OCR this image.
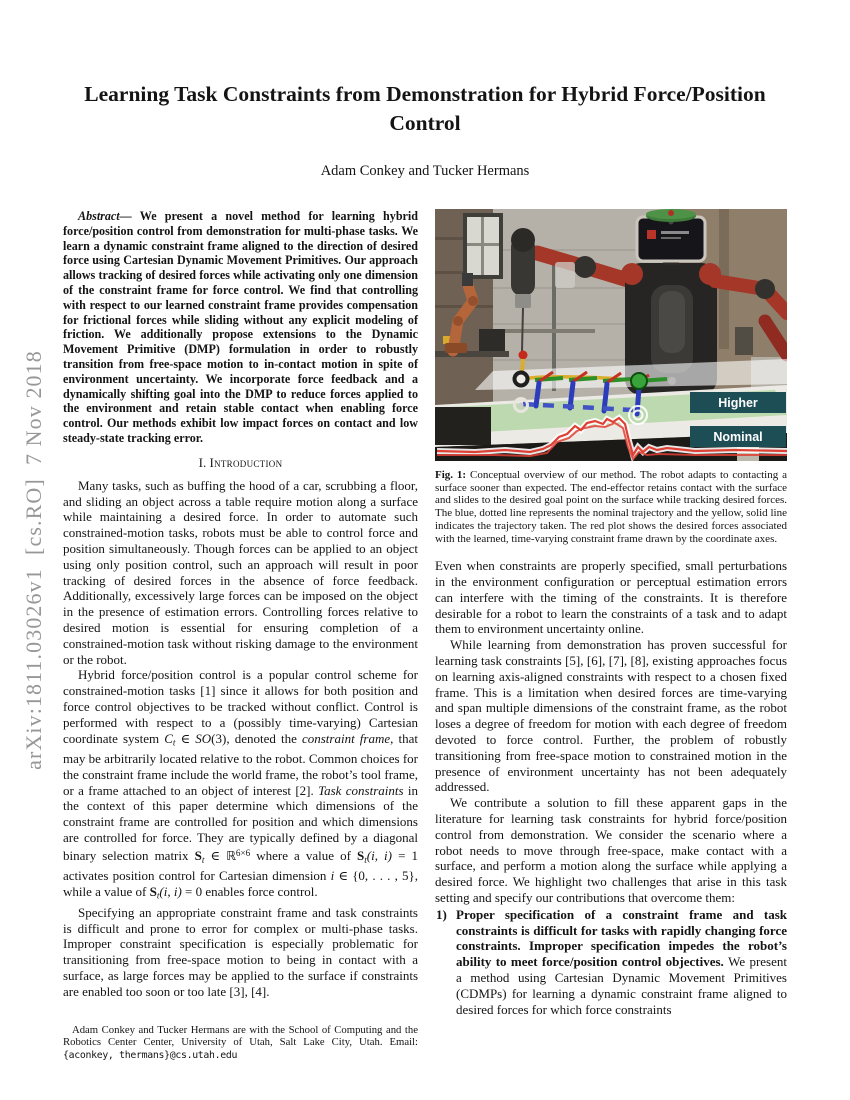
arXiv:1811.03026v1  [cs.RO]  7 Nov 2018
Learning Task Constraints from Demonstration for Hybrid Force/Position
Control
Adam Conkey and Tucker Hermans

Abstract— We present a novel method for learning hybrid force/position control from demonstration for multi-phase tasks. We learn a dynamic constraint frame aligned to the direction of desired force using Cartesian Dynamic Movement Primitives. Our approach allows tracking of desired forces while activating only one dimension of the constraint frame for force control. We find that controlling with respect to our learned constraint frame provides compensation for frictional forces while sliding without any explicit modeling of friction. We additionally propose extensions to the Dynamic Movement Primitive (DMP) formulation in order to robustly transition from free-space motion to in-contact motion in spite of environment uncertainty. We incorporate force feedback and a dynamically shifting goal into the DMP to reduce forces applied to the environment and retain stable contact when enabling force control. Our methods exhibit low impact forces on contact and low steady-state tracking error.

I. Introduction

Many tasks, such as buffing the hood of a car, scrubbing a floor, and sliding an object across a table require motion along a surface while maintaining a desired force. In order to automate such constrained-motion tasks, robots must be able to control force and position simultaneously. Though forces can be applied to an object using only position control, such an approach will result in poor tracking of desired forces in the absence of force feedback. Additionally, excessively large forces can be imposed on the object in the presence of estimation errors. Controlling forces relative to desired motion is essential for ensuring completion of a constrained-motion task without risking damage to the environment or the robot.

Hybrid force/position control is a popular control scheme for constrained-motion tasks [1] since it allows for both position and force control objectives to be tracked without conflict. Control is performed with respect to a (possibly time-varying) Cartesian coordinate system $C_t$ ∈ SO(3), denoted the constraint frame, that may be arbitrarily located relative to the robot. Common choices for the constraint frame include the world frame, the robot’s tool frame, or a frame attached to an object of interest [2]. Task constraints in the context of this paper determine which dimensions of the constraint frame are controlled for position and which dimensions are controlled for force. They are typically defined by a diagonal binary selection matrix $S_t$ ∈ ℝ$^{6\times 6}$ where a value of $S_t(i$, i) = 1 activates position control for Cartesian dimension i ∈ {0, . . . , 5}, while a value of $S_t(i$, i) = 0 enables force control.

Specifying an appropriate constraint frame and task constraints is difficult and prone to error for complex or multi-phase tasks. Improper constraint specification is especially problematic for transitioning from free-space motion to being in contact with a surface, as large forces may be applied to the surface if constraints are enabled too soon or too late [3], [4].

Adam Conkey and Tucker Hermans are with the School of Computing and the Robotics Center Center, University of Utah, Salt Lake City, Utah. Email: {aconkey, thermans}@cs.utah.edu
Higher
Nominal
Fig. 1: Conceptual overview of our method. The robot adapts to contacting a surface sooner than expected. The end-effector retains contact with the surface and slides to the desired goal point on the surface while tracking desired forces. The blue, dotted line represents the nominal trajectory and the yellow, solid line indicates the trajectory taken. The red plot shows the desired forces associated with the learned, time-varying constraint frame drawn by the coordinate axes.

Even when constraints are properly specified, small perturbations in the environment configuration or perceptual estimation errors can interfere with the timing of the constraints. It is therefore desirable for a robot to learn the constraints of a task and to adapt them to environment uncertainty online.

While learning from demonstration has proven successful for learning task constraints [5], [6], [7], [8], existing approaches focus on learning axis-aligned constraints with respect to a chosen fixed frame. This is a limitation when desired forces are time-varying and span multiple dimensions of the constraint frame, as the robot loses a degree of freedom for motion with each degree of freedom devoted to force control. Further, the problem of robustly transitioning from free-space motion to constrained motion in the presence of environment uncertainty has not been adequately addressed.

We contribute a solution to fill these apparent gaps in the literature for learning task constraints for hybrid force/position control from demonstration. We consider the scenario where a robot needs to move through free-space, make contact with a surface, and perform a motion along the surface while applying a desired force. We highlight two challenges that arise in this task setting and specify our contributions that overcome them:

1) Proper specification of a constraint frame and task constraints is difficult for tasks with rapidly changing force constraints. Improper specification impedes the robot’s ability to meet force/position control objectives. We present a method using Cartesian Dynamic Movement Primitives (CDMPs) for learning a dynamic constraint frame aligned to desired forces for which force constraints
